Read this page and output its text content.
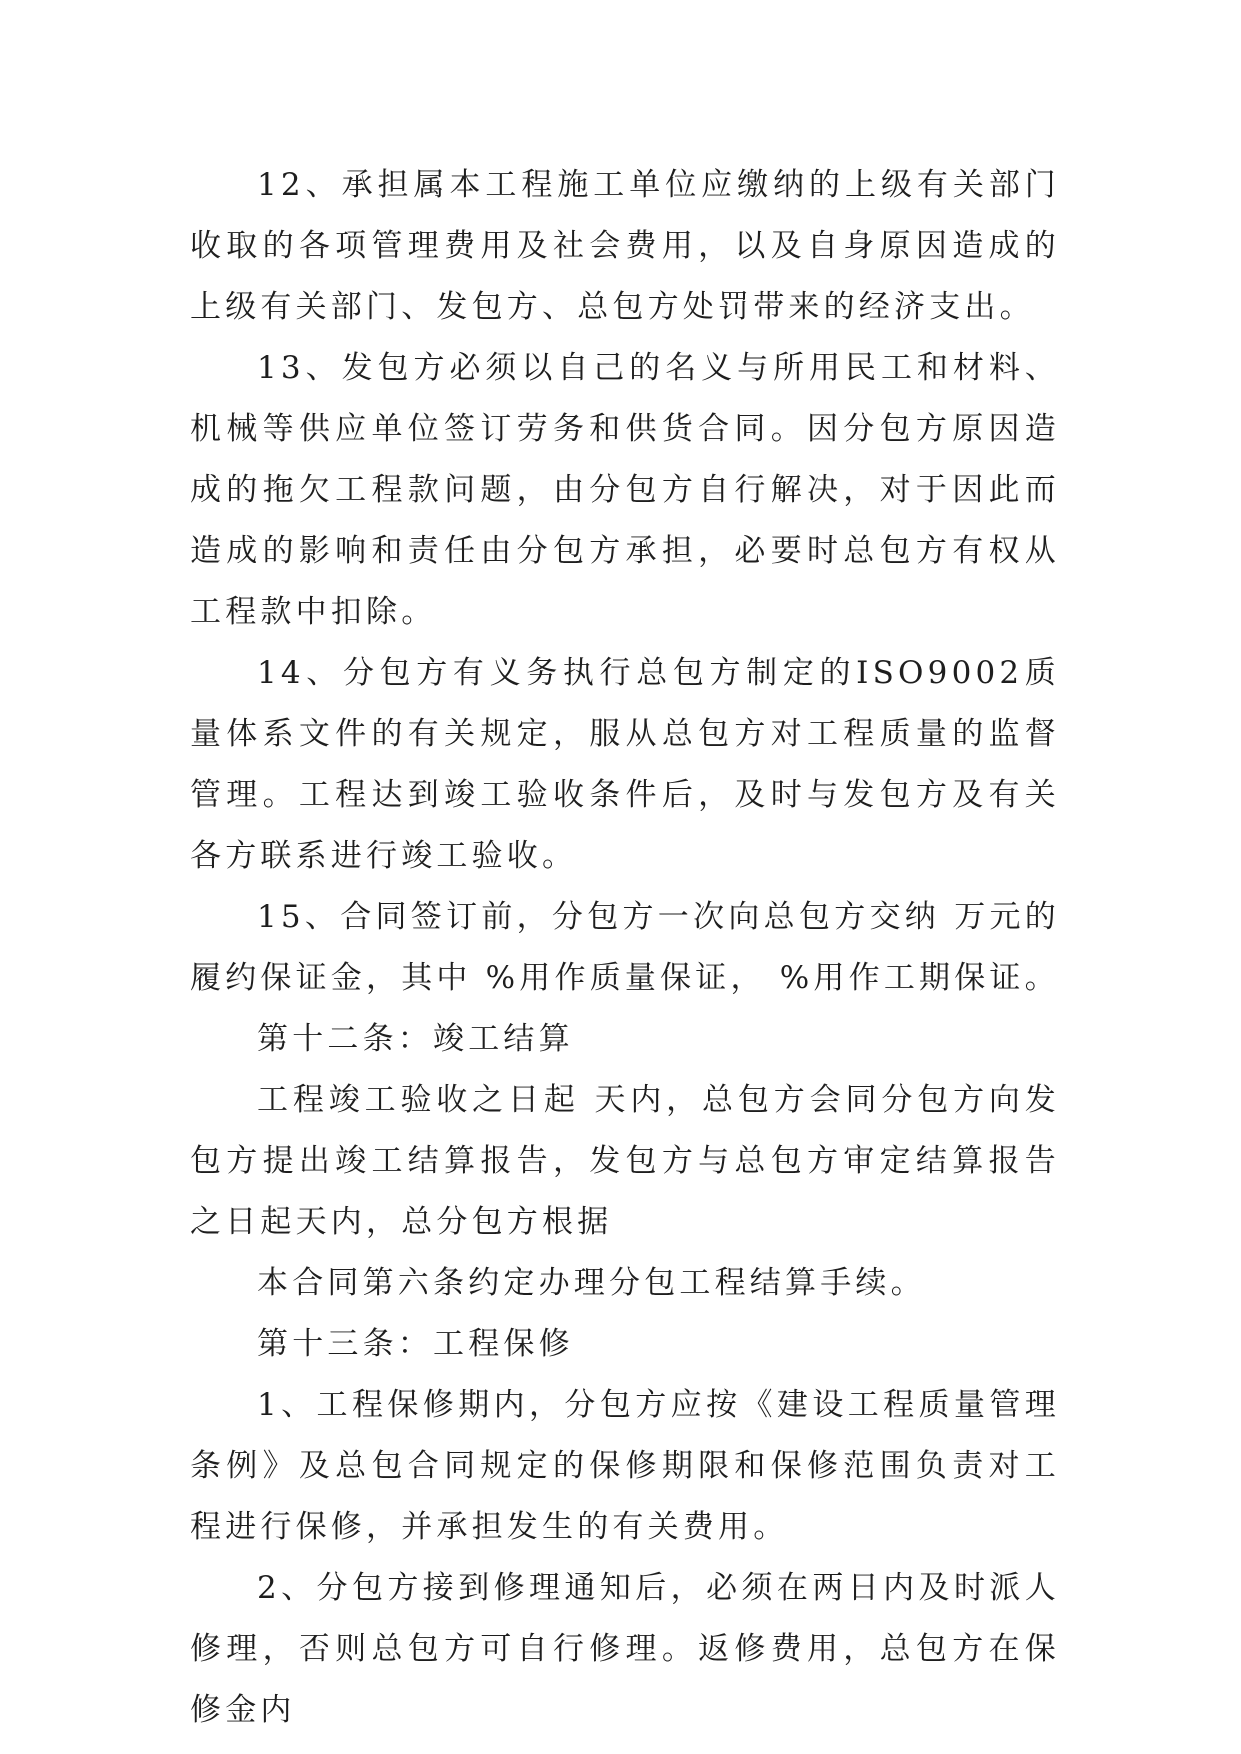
12、承担属本工程施工单位应缴纳的上级有关部门收取的各项管理费用及社会费用，以及自身原因造成的上级有关部门、发包方、总包方处罚带来的经济支出。

13、发包方必须以自己的名义与所用民工和材料、机械等供应单位签订劳务和供货合同。因分包方原因造成的拖欠工程款问题，由分包方自行解决，对于因此而造成的影响和责任由分包方承担，必要时总包方有权从工程款中扣除。

14、分包方有义务执行总包方制定的ISO9002质量体系文件的有关规定，服从总包方对工程质量的监督管理。工程达到竣工验收条件后，及时与发包方及有关各方联系进行竣工验收。

15、合同签订前，分包方一次向总包方交纳 万元的履约保证金，其中 %用作质量保证， %用作工期保证。

第十二条：竣工结算

工程竣工验收之日起 天内，总包方会同分包方向发包方提出竣工结算报告，发包方与总包方审定结算报告之日起天内，总分包方根据

本合同第六条约定办理分包工程结算手续。

第十三条：工程保修

1、工程保修期内，分包方应按《建设工程质量管理条例》及总包合同规定的保修期限和保修范围负责对工程进行保修，并承担发生的有关费用。

2、分包方接到修理通知后，必须在两日内及时派人修理，否则总包方可自行修理。返修费用，总包方在保修金内
